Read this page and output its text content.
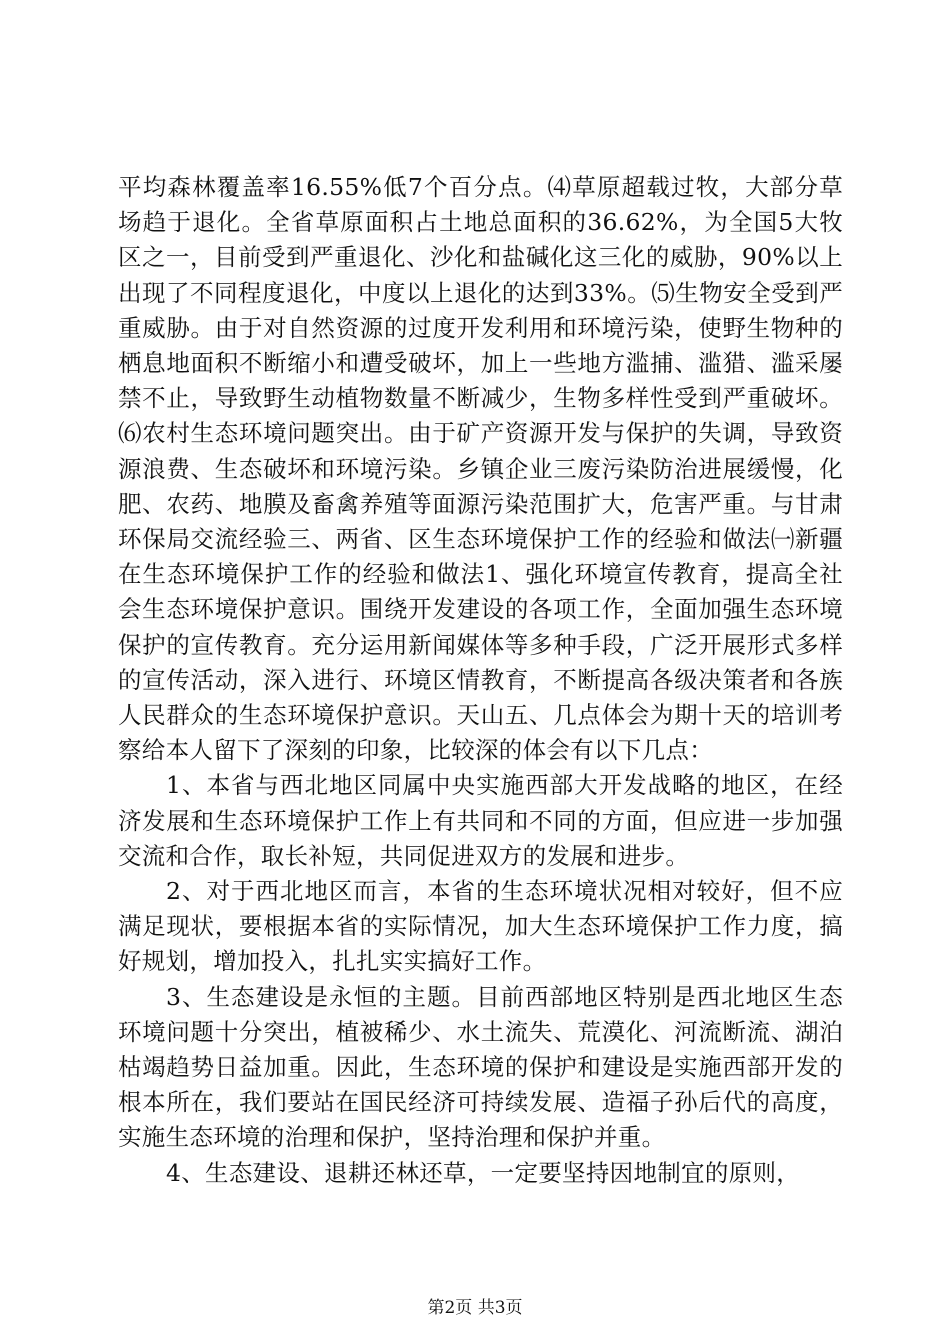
平均森林覆盖率16.55%低7个百分点。⑷草原超载过牧，大部分草场趋于退化。全省草原面积占土地总面积的36.62%，为全国5大牧区之一，目前受到严重退化、沙化和盐碱化这三化的威胁，90%以上出现了不同程度退化，中度以上退化的达到33%。⑸生物安全受到严重威胁。由于对自然资源的过度开发利用和环境污染，使野生物种的栖息地面积不断缩小和遭受破坏，加上一些地方滥捕、滥猎、滥采屡禁不止，导致野生动植物数量不断减少，生物多样性受到严重破坏。⑹农村生态环境问题突出。由于矿产资源开发与保护的失调，导致资源浪费、生态破坏和环境污染。乡镇企业三废污染防治进展缓慢，化肥、农药、地膜及畜禽养殖等面源污染范围扩大，危害严重。与甘肃环保局交流经验三、两省、区生态环境保护工作的经验和做法㈠新疆在生态环境保护工作的经验和做法1、强化环境宣传教育，提高全社会生态环境保护意识。围绕开发建设的各项工作，全面加强生态环境保护的宣传教育。充分运用新闻媒体等多种手段，广泛开展形式多样的宣传活动，深入进行、环境区情教育，不断提高各级决策者和各族人民群众的生态环境保护意识。天山五、几点体会为期十天的培训考察给本人留下了深刻的印象，比较深的体会有以下几点：

1、本省与西北地区同属中央实施西部大开发战略的地区，在经济发展和生态环境保护工作上有共同和不同的方面，但应进一步加强交流和合作，取长补短，共同促进双方的发展和进步。

2、对于西北地区而言，本省的生态环境状况相对较好，但不应满足现状，要根据本省的实际情况，加大生态环境保护工作力度，搞好规划，增加投入，扎扎实实搞好工作。

3、生态建设是永恒的主题。目前西部地区特别是西北地区生态环境问题十分突出，植被稀少、水土流失、荒漠化、河流断流、湖泊枯竭趋势日益加重。因此，生态环境的保护和建设是实施西部开发的根本所在，我们要站在国民经济可持续发展、造福子孙后代的高度，实施生态环境的治理和保护，坚持治理和保护并重。

4、生态建设、退耕还林还草，一定要坚持因地制宜的原则，

第2页 共3页
